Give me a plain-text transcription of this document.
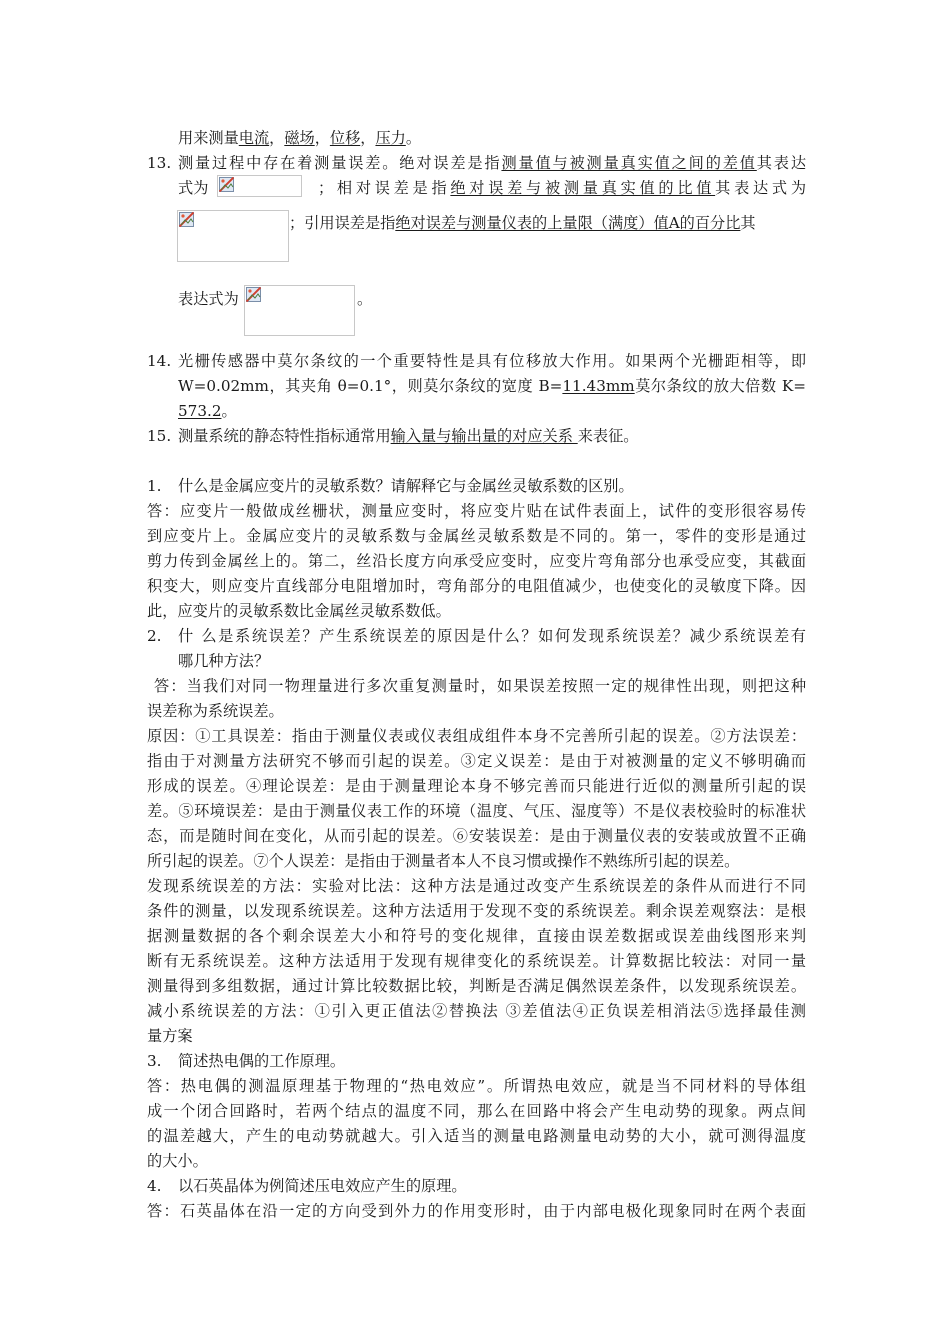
用来测量电流，磁场，位移，压力。
13. 测量过程中存在着测量误差。绝对误差是指测量值与被测量真实值之间的差值其表达
式为	；相对误差是指绝对误差与被测量真实值的比值其表达式为
；引用误差是指绝对误差与测量仪表的上量限（满度）值A的百分比其
表达式为	。
14. 光栅传感器中莫尔条纹的一个重要特性是具有位移放大作用。如果两个光栅距相等，即
W=0.02mm，其夹角 θ=0.1°，则莫尔条纹的宽度 B=11.43mm莫尔条纹的放大倍数 K=
573.2。
15. 测量系统的静态特性指标通常用输入量与输出量的对应关系 来表征。
1. 什么是金属应变片的灵敏系数？请解释它与金属丝灵敏系数的区别。
答：应变片一般做成丝栅状，测量应变时，将应变片贴在试件表面上，试件的变形很容易传
到应变片上。金属应变片的灵敏系数与金属丝灵敏系数是不同的。第一，零件的变形是通过
剪力传到金属丝上的。第二，丝沿长度方向承受应变时，应变片弯角部分也承受应变，其截面
积变大，则应变片直线部分电阻增加时，弯角部分的电阻值减少，也使变化的灵敏度下降。因
此，应变片的灵敏系数比金属丝灵敏系数低。
2. 什 么是系统误差？产生系统误差的原因是什么？如何发现系统误差？减少系统误差有
哪几种方法？
答：当我们对同一物理量进行多次重复测量时，如果误差按照一定的规律性出现，则把这种
误差称为系统误差。
原因：①工具误差：指由于测量仪表或仪表组成组件本身不完善所引起的误差。②方法误差：
指由于对测量方法研究不够而引起的误差。③定义误差：是由于对被测量的定义不够明确而
形成的误差。④理论误差：是由于测量理论本身不够完善而只能进行近似的测量所引起的误
差。⑤环境误差：是由于测量仪表工作的环境（温度、气压、湿度等）不是仪表校验时的标准状
态，而是随时间在变化，从而引起的误差。⑥安装误差：是由于测量仪表的安装或放置不正确
所引起的误差。⑦个人误差：是指由于测量者本人不良习惯或操作不熟练所引起的误差。
发现系统误差的方法：实验对比法：这种方法是通过改变产生系统误差的条件从而进行不同
条件的测量，以发现系统误差。这种方法适用于发现不变的系统误差。剩余误差观察法：是根
据测量数据的各个剩余误差大小和符号的变化规律，直接由误差数据或误差曲线图形来判
断有无系统误差。这种方法适用于发现有规律变化的系统误差。计算数据比较法：对同一量
测量得到多组数据，通过计算比较数据比较，判断是否满足偶然误差条件，以发现系统误差。
减小系统误差的方法：①引入更正值法②替换法 ③差值法④正负误差相消法⑤选择最佳测
量方案
3. 简述热电偶的工作原理。
答：热电偶的测温原理基于物理的“热电效应”。所谓热电效应，就是当不同材料的导体组
成一个闭合回路时，若两个结点的温度不同，那么在回路中将会产生电动势的现象。两点间
的温差越大，产生的电动势就越大。引入适当的测量电路测量电动势的大小，就可测得温度
的大小。
4. 以石英晶体为例简述压电效应产生的原理。
答：石英晶体在沿一定的方向受到外力的作用变形时，由于内部电极化现象同时在两个表面
